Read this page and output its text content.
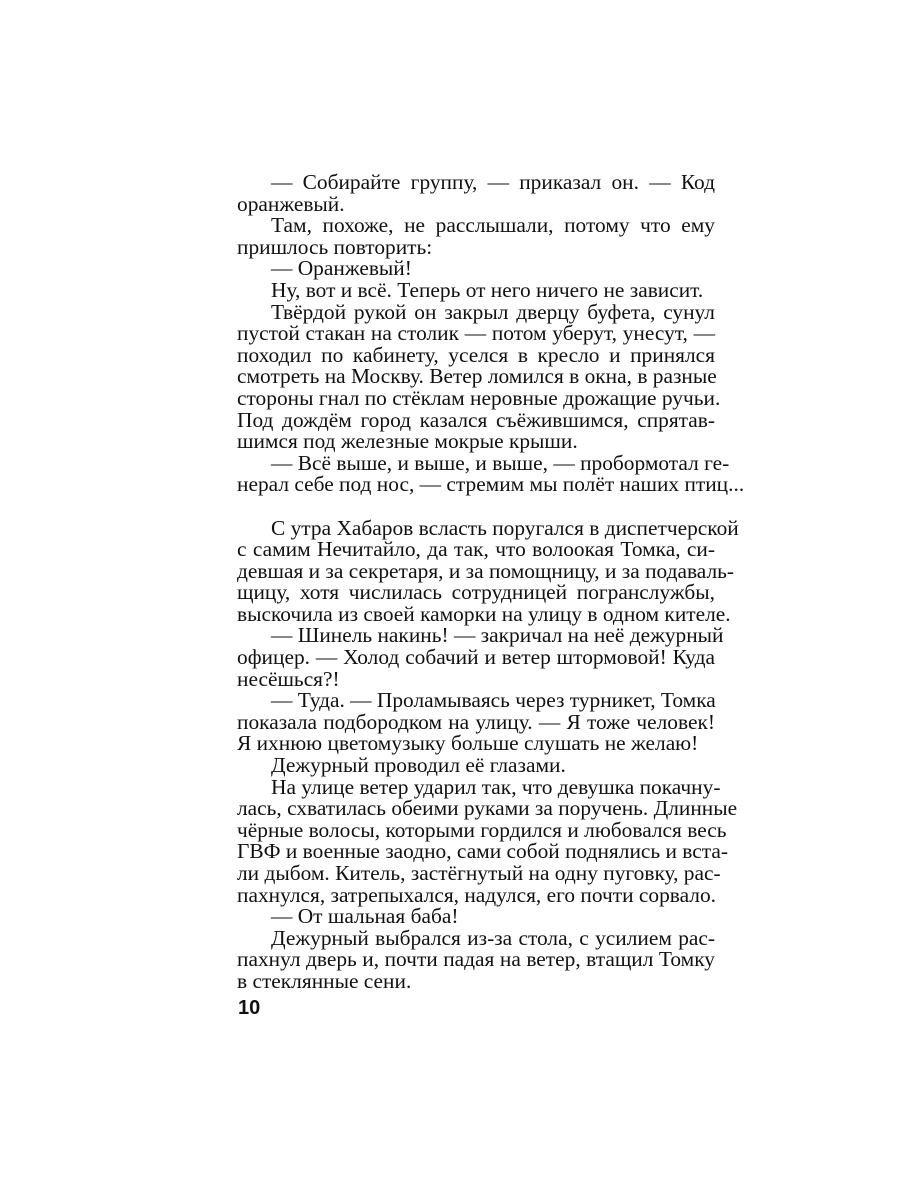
— Собирайте группу, — приказал он. — Код
оранжевый.
Там, похоже, не расслышали, потому что ему
пришлось повторить:
— Оранжевый!
Ну, вот и всё. Теперь от него ничего не зависит.
Твёрдой рукой он закрыл дверцу буфета, сунул
пустой стакан на столик — потом уберут, унесут, —
походил по кабинету, уселся в кресло и принялся
смотреть на Москву. Ветер ломился в окна, в разные
стороны гнал по стёклам неровные дрожащие ручьи.
Под дождём город казался съёжившимся, спрятав-
шимся под железные мокрые крыши.
— Всё выше, и выше, и выше, — пробормотал ге-
нерал себе под нос, — стремим мы полёт наших птиц...
С утра Хабаров всласть поругался в диспетчерской
с самим Нечитайло, да так, что волоокая Томка, си-
девшая и за секретаря, и за помощницу, и за подаваль-
щицу, хотя числилась сотрудницей погранслужбы,
выскочила из своей каморки на улицу в одном кителе.
— Шинель накинь! — закричал на неё дежурный
офицер. — Холод собачий и ветер штормовой! Куда
несёшься?!
— Туда. — Проламываясь через турникет, Томка
показала подбородком на улицу. — Я тоже человек!
Я ихнюю цветомузыку больше слушать не желаю!
Дежурный проводил её глазами.
На улице ветер ударил так, что девушка покачну-
лась, схватилась обеими руками за поручень. Длинные
чёрные волосы, которыми гордился и любовался весь
ГВФ и военные заодно, сами собой поднялись и вста-
ли дыбом. Китель, застёгнутый на одну пуговку, рас-
пахнулся, затрепыхался, надулся, его почти сорвало.
— От шальная баба!
Дежурный выбрался из-за стола, с усилием рас-
пахнул дверь и, почти падая на ветер, втащил Томку
в стеклянные сени.
10
